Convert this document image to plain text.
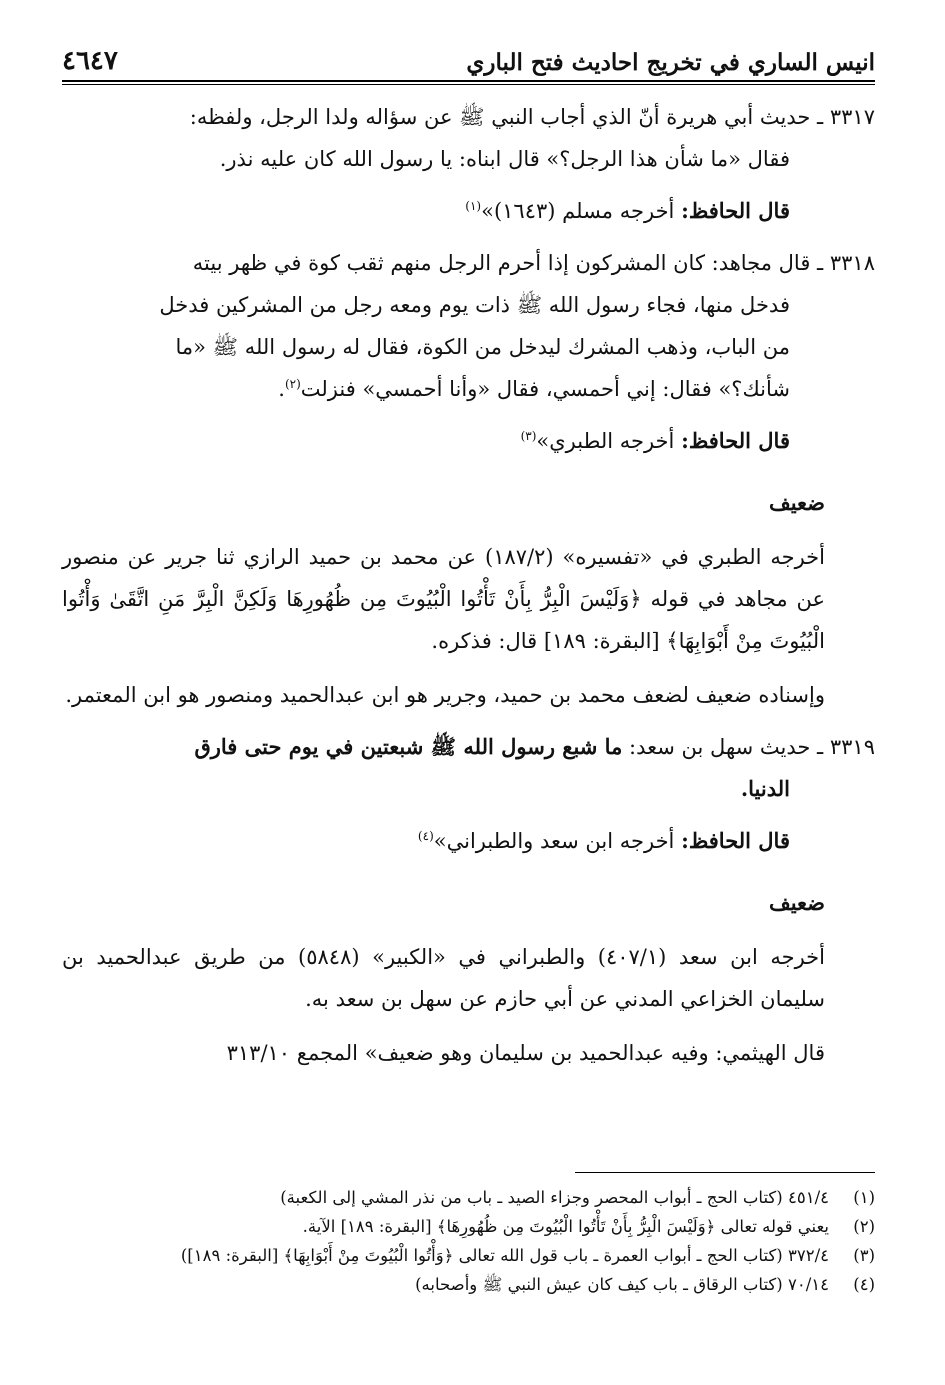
انيس الساري في تخريج احاديث فتح الباري
٤٦٤٧

٣٣١٧ ـ حديث أبي هريرة أنّ الذي أجاب النبي ﷺ عن سؤاله ولدا الرجل، ولفظه:

فقال «ما شأن هذا الرجل؟» قال ابناه: يا رسول الله كان عليه نذر.

قال الحافظ: أخرجه مسلم (١٦٤٣)»$^{(١)}$

٣٣١٨ ـ قال مجاهد: كان المشركون إذا أحرم الرجل منهم ثقب كوة في ظهر بيته

فدخل منها، فجاء رسول الله ﷺ ذات يوم ومعه رجل من المشركين فدخل

من الباب، وذهب المشرك ليدخل من الكوة، فقال له رسول الله ﷺ «ما

شأنك؟» فقال: إني أحمسي، فقال «وأنا أحمسي» فنزلت$^{(٢)}$.

قال الحافظ: أخرجه الطبري»$^{(٣)}$

ضعيف

أخرجه الطبري في «تفسيره» (١٨٧/٢) عن محمد بن حميد الرازي ثنا جرير عن منصور عن مجاهد في قوله ﴿وَلَيْسَ الْبِرُّ بِأَنْ تَأْتُوا الْبُيُوتَ مِن ظُهُورِهَا وَلَكِنَّ الْبِرَّ مَنِ اتَّقَىٰ وَأْتُوا الْبُيُوتَ مِنْ أَبْوَابِهَا﴾ [البقرة: ١٨٩] قال: فذكره.

وإسناده ضعيف لضعف محمد بن حميد، وجرير هو ابن عبدالحميد ومنصور هو ابن المعتمر.

٣٣١٩ ـ حديث سهل بن سعد: ما شبع رسول الله ﷺ شبعتين في يوم حتى فارق

الدنيا.

قال الحافظ: أخرجه ابن سعد والطبراني»$^{(٤)}$

ضعيف

أخرجه ابن سعد (٤٠٧/١) والطبراني في «الكبير» (٥٨٤٨) من طريق عبدالحميد بن سليمان الخزاعي المدني عن أبي حازم عن سهل بن سعد به.

قال الهيثمي: وفيه عبدالحميد بن سليمان وهو ضعيف» المجمع ٣١٣/١٠

(١)
٤٥١/٤ (كتاب الحج ـ أبواب المحصر وجزاء الصيد ـ باب من نذر المشي إلى الكعبة)
(٢)
يعني قوله تعالى ﴿وَلَيْسَ الْبِرُّ بِأَنْ تَأْتُوا الْبُيُوتَ مِن ظُهُورِهَا﴾ [البقرة: ١٨٩] الآية.
(٣)
٣٧٢/٤ (كتاب الحج ـ أبواب العمرة ـ باب قول الله تعالى ﴿وَأْتُوا الْبُيُوتَ مِنْ أَبْوَابِهَا﴾ [البقرة: ١٨٩])
(٤)
٧٠/١٤ (كتاب الرقاق ـ باب كيف كان عيش النبي ﷺ وأصحابه)
